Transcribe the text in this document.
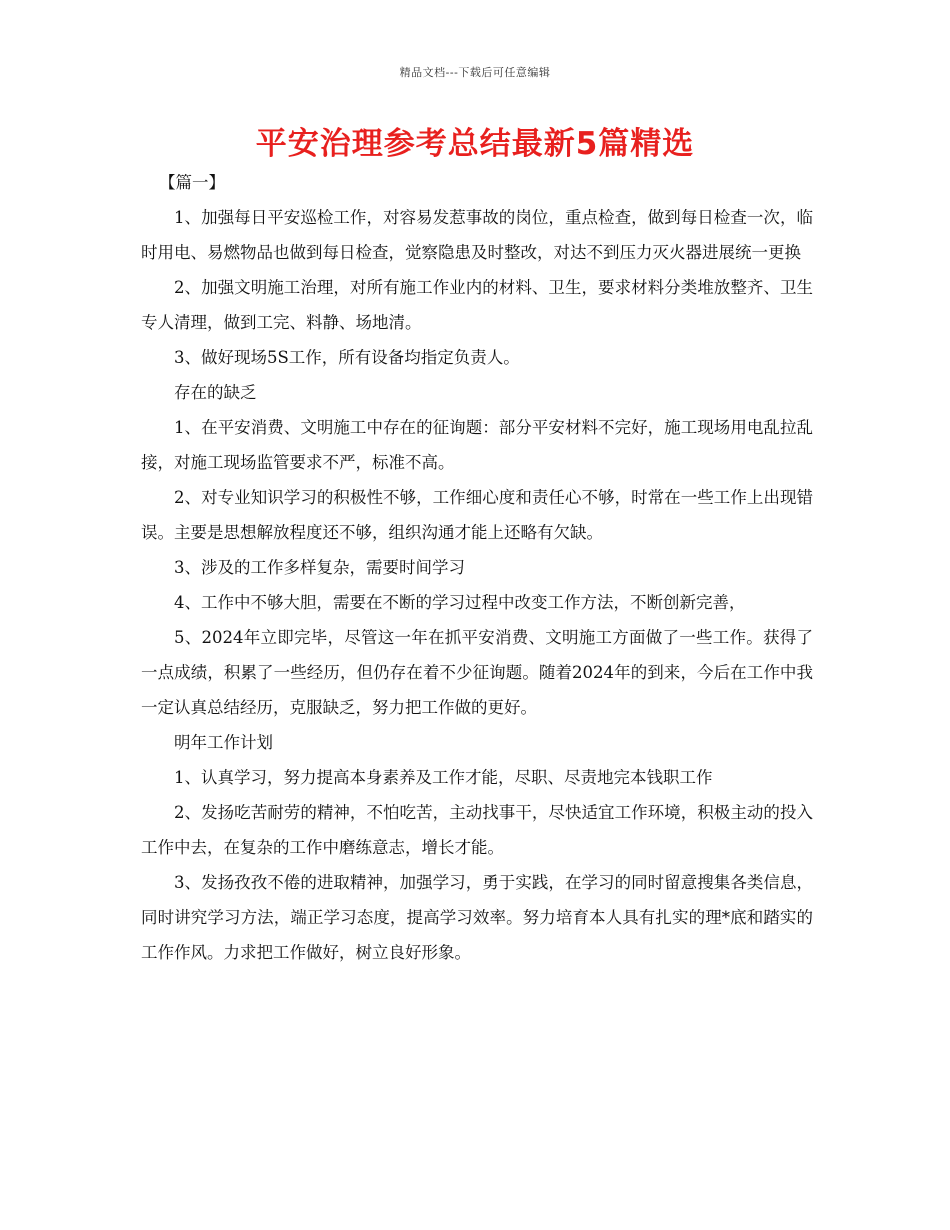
精品文档---下载后可任意编辑
平安治理参考总结最新5篇精选

【篇一】

1、加强每日平安巡检工作，对容易发惹事故的岗位，重点检查，做到每日检查一次，临时用电、易燃物品也做到每日检查，觉察隐患及时整改，对达不到压力灭火器进展统一更换

2、加强文明施工治理，对所有施工作业内的材料、卫生，要求材料分类堆放整齐、卫生专人清理，做到工完、料静、场地清。

3、做好现场5S工作，所有设备均指定负责人。

存在的缺乏

1、在平安消费、文明施工中存在的征询题：部分平安材料不完好，施工现场用电乱拉乱接，对施工现场监管要求不严，标准不高。

2、对专业知识学习的积极性不够，工作细心度和责任心不够，时常在一些工作上出现错误。主要是思想解放程度还不够，组织沟通才能上还略有欠缺。

3、涉及的工作多样复杂，需要时间学习

4、工作中不够大胆，需要在不断的学习过程中改变工作方法，不断创新完善，

5、2024年立即完毕，尽管这一年在抓平安消费、文明施工方面做了一些工作。获得了一点成绩，积累了一些经历，但仍存在着不少征询题。随着2024年的到来，今后在工作中我一定认真总结经历，克服缺乏，努力把工作做的更好。

明年工作计划

1、认真学习，努力提高本身素养及工作才能，尽职、尽责地完本钱职工作

2、发扬吃苦耐劳的精神，不怕吃苦，主动找事干，尽快适宜工作环境，积极主动的投入工作中去，在复杂的工作中磨练意志，增长才能。

3、发扬孜孜不倦的进取精神，加强学习，勇于实践，在学习的同时留意搜集各类信息，同时讲究学习方法，端正学习态度，提高学习效率。努力培育本人具有扎实的理*底和踏实的工作作风。力求把工作做好，树立良好形象。
